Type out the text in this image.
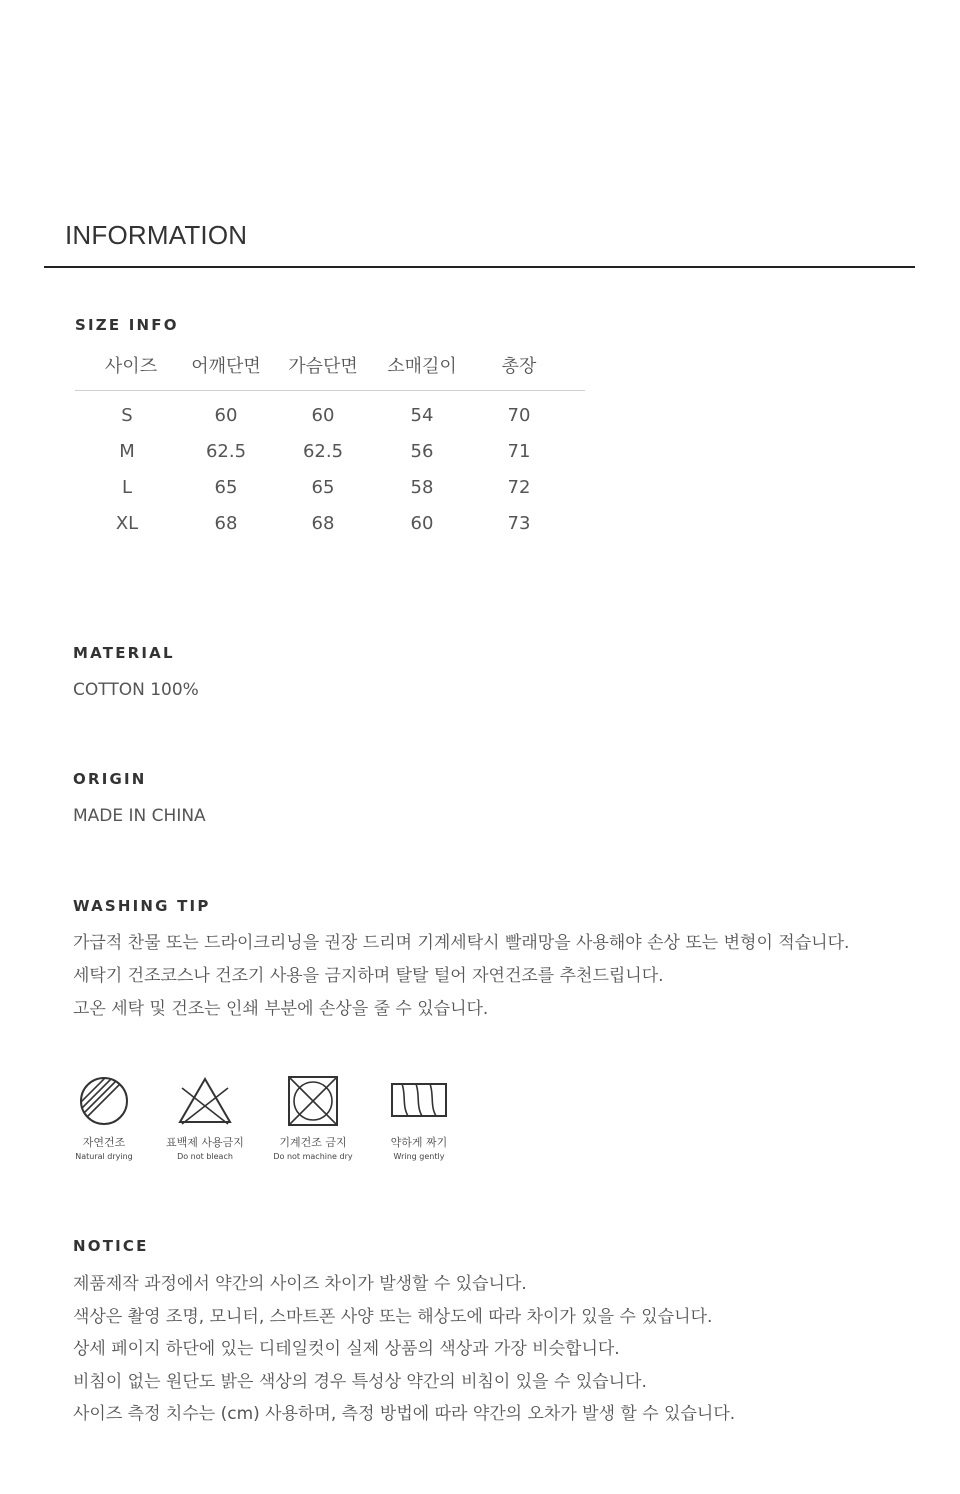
INFORMATION
SIZE INFO
사이즈 어깨단면 가슴단면 소매길이 총장
S	60	60	54	70
M	62.5	62.5	56	71
L	65	65	58	72
XL	68	68	60	73
MATERIAL
COTTON 100%
ORIGIN
MADE IN CHINA
WASHING TIP
가급적 찬물 또는 드라이크리닝을 권장 드리며 기계세탁시 빨래망을 사용해야 손상 또는 변형이 적습니다.
세탁기 건조코스나 건조기 사용을 금지하며 탈탈 털어 자연건조를 추천드립니다.
고온 세탁 및 건조는 인쇄 부분에 손상을 줄 수 있습니다.
자연건조
Natural drying
표백제 사용금지
Do not bleach
기계건조 금지
Do not machine dry
약하게 짜기
Wring gently
NOTICE
제품제작 과정에서 약간의 사이즈 차이가 발생할 수 있습니다.
색상은 촬영 조명, 모니터, 스마트폰 사양 또는 해상도에 따라 차이가 있을 수 있습니다.
상세 페이지 하단에 있는 디테일컷이 실제 상품의 색상과 가장 비슷합니다.
비침이 없는 원단도 밝은 색상의 경우 특성상 약간의 비침이 있을 수 있습니다.
사이즈 측정 치수는 (cm) 사용하며, 측정 방법에 따라 약간의 오차가 발생 할 수 있습니다.
